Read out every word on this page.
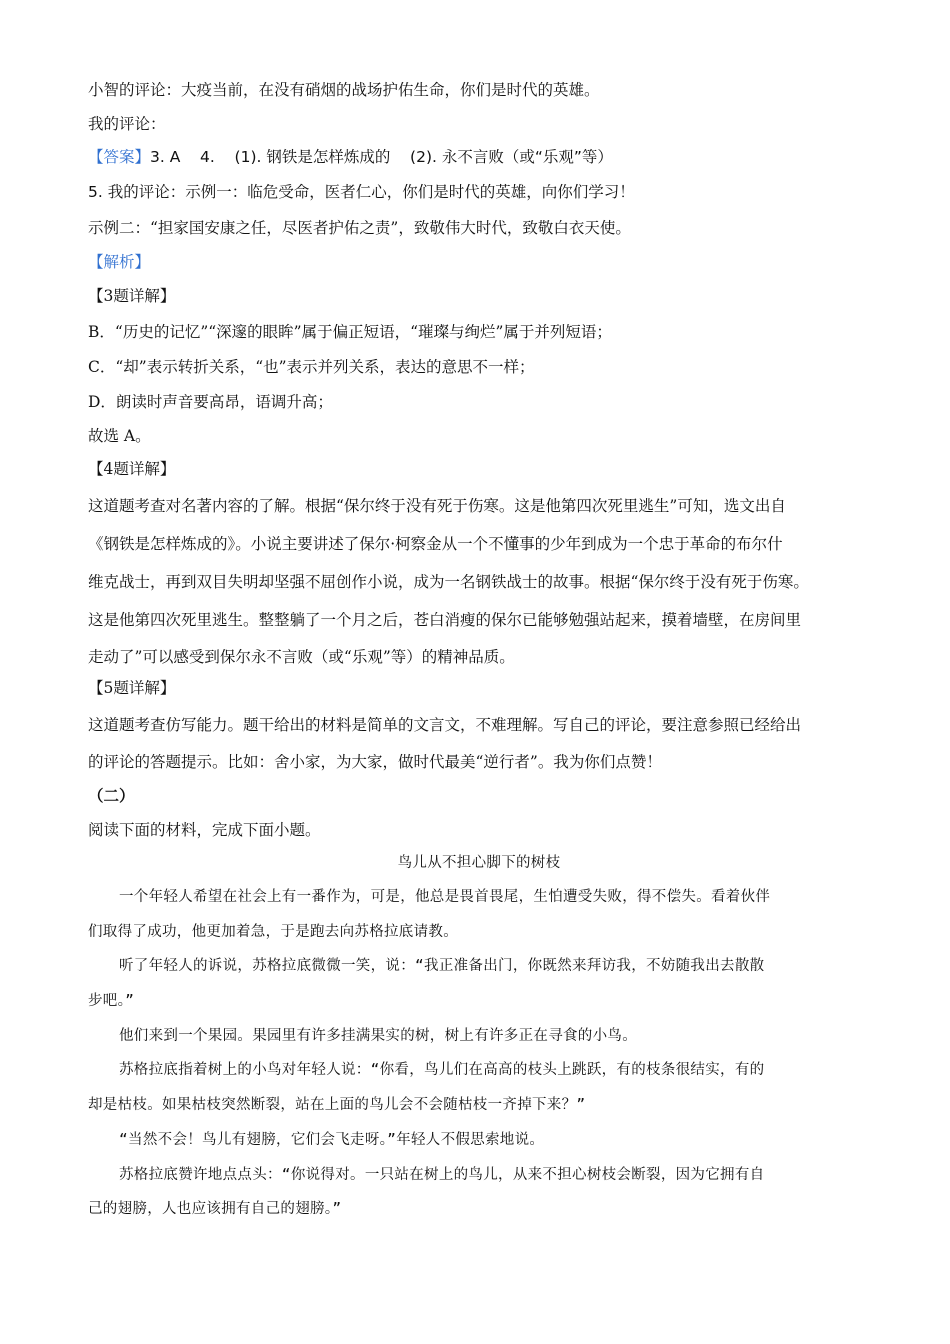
小智的评论：大疫当前，在没有硝烟的战场护佑生命，你们是时代的英雄。
我的评论：
【答案】3. A    4.    (1). 钢铁是怎样炼成的    (2). 永不言败（或“乐观”等）
5. 我的评论：示例一：临危受命，医者仁心，你们是时代的英雄，向你们学习！
示例二：“担家国安康之任，尽医者护佑之责”，致敬伟大时代，致敬白衣天使。
【解析】
【3题详解】
B．“历史的记忆”“深邃的眼眸”属于偏正短语，“璀璨与绚烂”属于并列短语；
C．“却”表示转折关系，“也”表示并列关系，表达的意思不一样；
D．朗读时声音要高昂，语调升高；
故选 A。
【4题详解】
这道题考查对名著内容的了解。根据“保尔终于没有死于伤寒。这是他第四次死里逃生”可知，选文出自
《钢铁是怎样炼成的》。小说主要讲述了保尔·柯察金从一个不懂事的少年到成为一个忠于革命的布尔什
维克战士，再到双目失明却坚强不屈创作小说，成为一名钢铁战士的故事。根据“保尔终于没有死于伤寒。
这是他第四次死里逃生。整整躺了一个月之后，苍白消瘦的保尔已能够勉强站起来，摸着墙壁，在房间里
走动了”可以感受到保尔永不言败（或“乐观”等）的精神品质。
【5题详解】
这道题考查仿写能力。题干给出的材料是简单的文言文，不难理解。写自己的评论，要注意参照已经给出
的评论的答题提示。比如：舍小家，为大家，做时代最美“逆行者”。我为你们点赞！
（二）
阅读下面的材料，完成下面小题。
鸟儿从不担心脚下的树枝
一个年轻人希望在社会上有一番作为，可是，他总是畏首畏尾，生怕遭受失败，得不偿失。看着伙伴
们取得了成功，他更加着急，于是跑去向苏格拉底请教。
听了年轻人的诉说，苏格拉底微微一笑，说：“我正准备出门，你既然来拜访我，不妨随我出去散散
步吧。”
他们来到一个果园。果园里有许多挂满果实的树，树上有许多正在寻食的小鸟。
苏格拉底指着树上的小鸟对年轻人说：“你看，鸟儿们在高高的枝头上跳跃，有的枝条很结实，有的
却是枯枝。如果枯枝突然断裂，站在上面的鸟儿会不会随枯枝一齐掉下来？”
“当然不会！鸟儿有翅膀，它们会飞走呀。”年轻人不假思索地说。
苏格拉底赞许地点点头：“你说得对。一只站在树上的鸟儿，从来不担心树枝会断裂，因为它拥有自
己的翅膀，人也应该拥有自己的翅膀。”
